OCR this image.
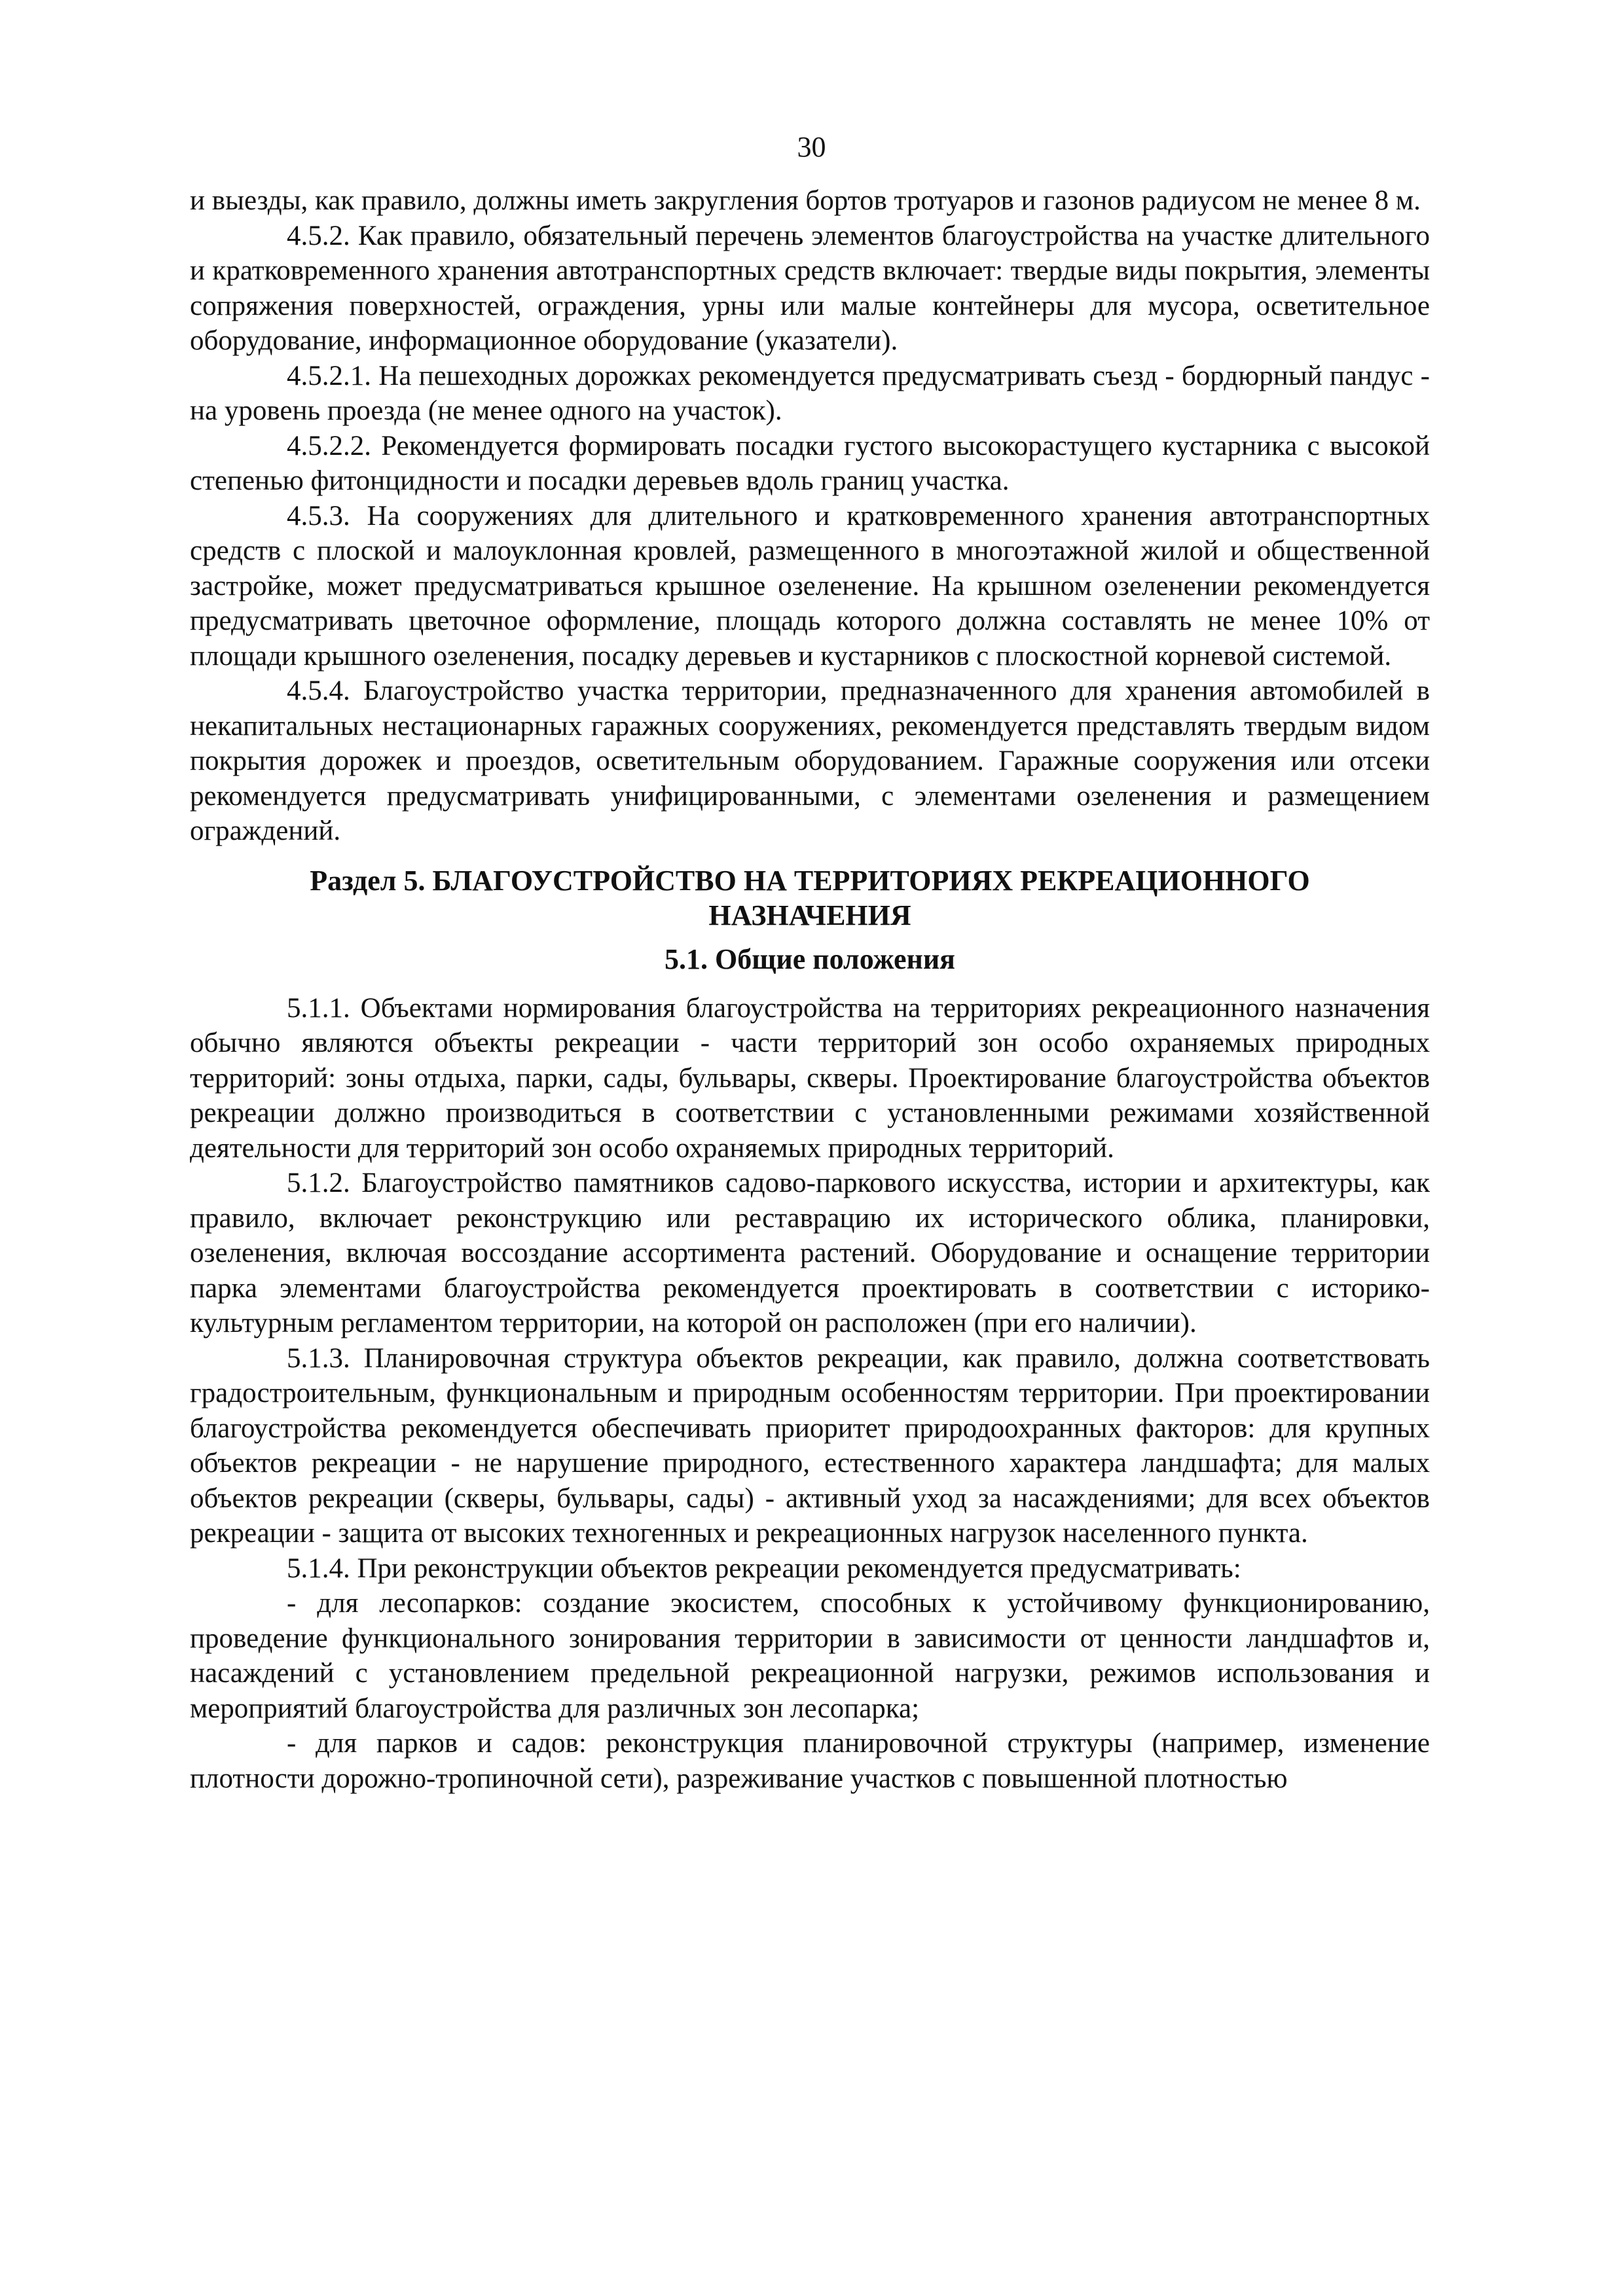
30

и выезды, как правило, должны иметь закругления бортов тротуаров и газонов радиусом не менее 8 м.

4.5.2. Как правило, обязательный перечень элементов благоустройства на участке длительного и кратковременного хранения автотранспортных средств включает: твердые виды покрытия, элементы сопряжения поверхностей, ограждения, урны или малые контейнеры для мусора, осветительное оборудование, информационное оборудование (указатели).

4.5.2.1. На пешеходных дорожках рекомендуется предусматривать съезд - бордюрный пандус - на уровень проезда (не менее одного на участок).

4.5.2.2. Рекомендуется формировать посадки густого высокорастущего кустарника с высокой степенью фитонцидности и посадки деревьев вдоль границ участка.

4.5.3. На сооружениях для длительного и кратковременного хранения автотранспортных средств с плоской и малоуклонная кровлей, размещенного в многоэтажной жилой и общественной застройке, может предусматриваться крышное озеленение. На крышном озеленении рекомендуется предусматривать цветочное оформление, площадь которого должна составлять не менее 10% от площади крышного озеленения, посадку деревьев и кустарников с плоскостной корневой системой.

4.5.4. Благоустройство участка территории, предназначенного для хранения автомобилей в некапитальных нестационарных гаражных сооружениях, рекомендуется представлять твердым видом покрытия дорожек и проездов, осветительным оборудованием. Гаражные сооружения или отсеки рекомендуется предусматривать унифицированными, с элементами озеленения и размещением ограждений.

Раздел 5. БЛАГОУСТРОЙСТВО НА ТЕРРИТОРИЯХ РЕКРЕАЦИОННОГО НАЗНАЧЕНИЯ
5.1. Общие положения

5.1.1. Объектами нормирования благоустройства на территориях рекреационного назначения обычно являются объекты рекреации - части территорий зон особо охраняемых природных территорий: зоны отдыха, парки, сады, бульвары, скверы. Проектирование благоустройства объектов рекреации должно производиться в соответствии с установленными режимами хозяйственной деятельности для территорий зон особо охраняемых природных территорий.

5.1.2. Благоустройство памятников садово-паркового искусства, истории и архитектуры, как правило, включает реконструкцию или реставрацию их исторического облика, планировки, озеленения, включая воссоздание ассортимента растений. Оборудование и оснащение территории парка элементами благоустройства рекомендуется проектировать в соответствии с историко-культурным регламентом территории, на которой он расположен (при его наличии).

5.1.3. Планировочная структура объектов рекреации, как правило, должна соответствовать градостроительным, функциональным и природным особенностям территории. При проектировании благоустройства рекомендуется обеспечивать приоритет природоохранных факторов: для крупных объектов рекреации - не нарушение природного, естественного характера ландшафта; для малых объектов рекреации (скверы, бульвары, сады) - активный уход за насаждениями; для всех объектов рекреации - защита от высоких техногенных и рекреационных нагрузок населенного пункта.

5.1.4. При реконструкции объектов рекреации рекомендуется предусматривать:

- для лесопарков: создание экосистем, способных к устойчивому функционированию, проведение функционального зонирования территории в зависимости от ценности ландшафтов и, насаждений с установлением предельной рекреационной нагрузки, режимов использования и мероприятий благоустройства для различных зон лесопарка;

- для парков и садов: реконструкция планировочной структуры (например, изменение плотности дорожно-тропиночной сети), разреживание участков с повышенной плотностью
